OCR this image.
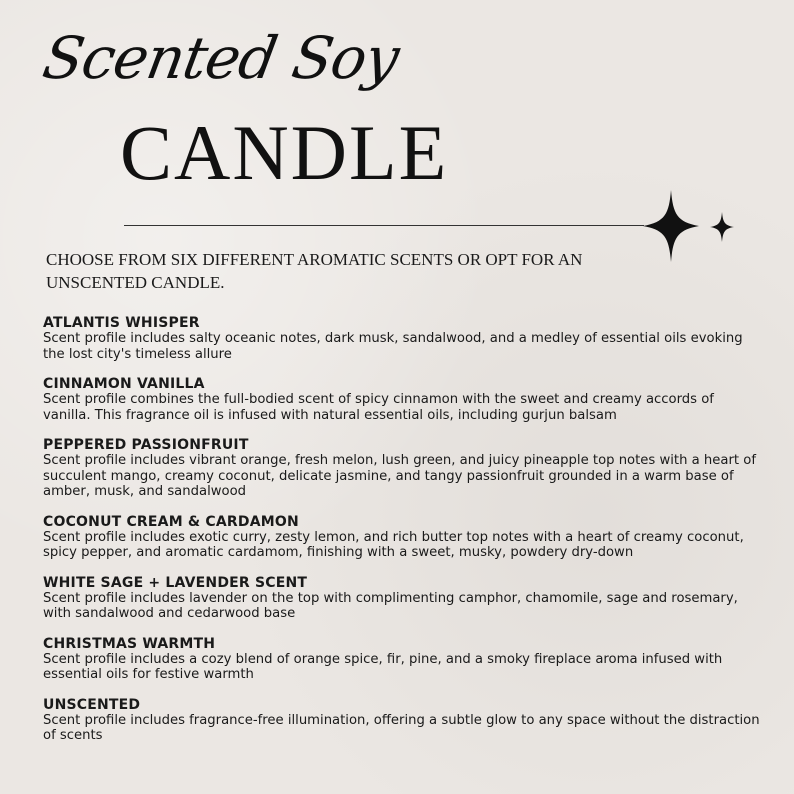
Scented Soy
CANDLE
CHOOSE FROM SIX DIFFERENT AROMATIC SCENTS OR OPT FOR AN UNSCENTED CANDLE.
ATLANTIS WHISPER
Scent profile includes salty oceanic notes, dark musk, sandalwood, and a medley of essential oils evoking the lost city's timeless allure
CINNAMON VANILLA
Scent profile combines the full-bodied scent of spicy cinnamon with the sweet and creamy accords of vanilla. This fragrance oil is infused with natural essential oils, including gurjun balsam
PEPPERED PASSIONFRUIT
Scent profile includes vibrant orange, fresh melon, lush green, and juicy pineapple top notes with a heart of succulent mango, creamy coconut, delicate jasmine, and tangy passionfruit grounded in a warm base of amber, musk, and sandalwood
COCONUT CREAM & CARDAMON
Scent profile includes exotic curry, zesty lemon, and rich butter top notes with a heart of creamy coconut, spicy pepper, and aromatic cardamom, finishing with a sweet, musky, powdery dry-down
WHITE SAGE + LAVENDER SCENT
Scent profile includes lavender on the top with complimenting camphor, chamomile, sage and rosemary, with sandalwood and cedarwood base
CHRISTMAS WARMTH
Scent profile includes a cozy blend of orange spice, fir, pine, and a smoky fireplace aroma infused with essential oils for festive warmth
UNSCENTED
Scent profile includes fragrance-free illumination, offering a subtle glow to any space without the distraction of scents
